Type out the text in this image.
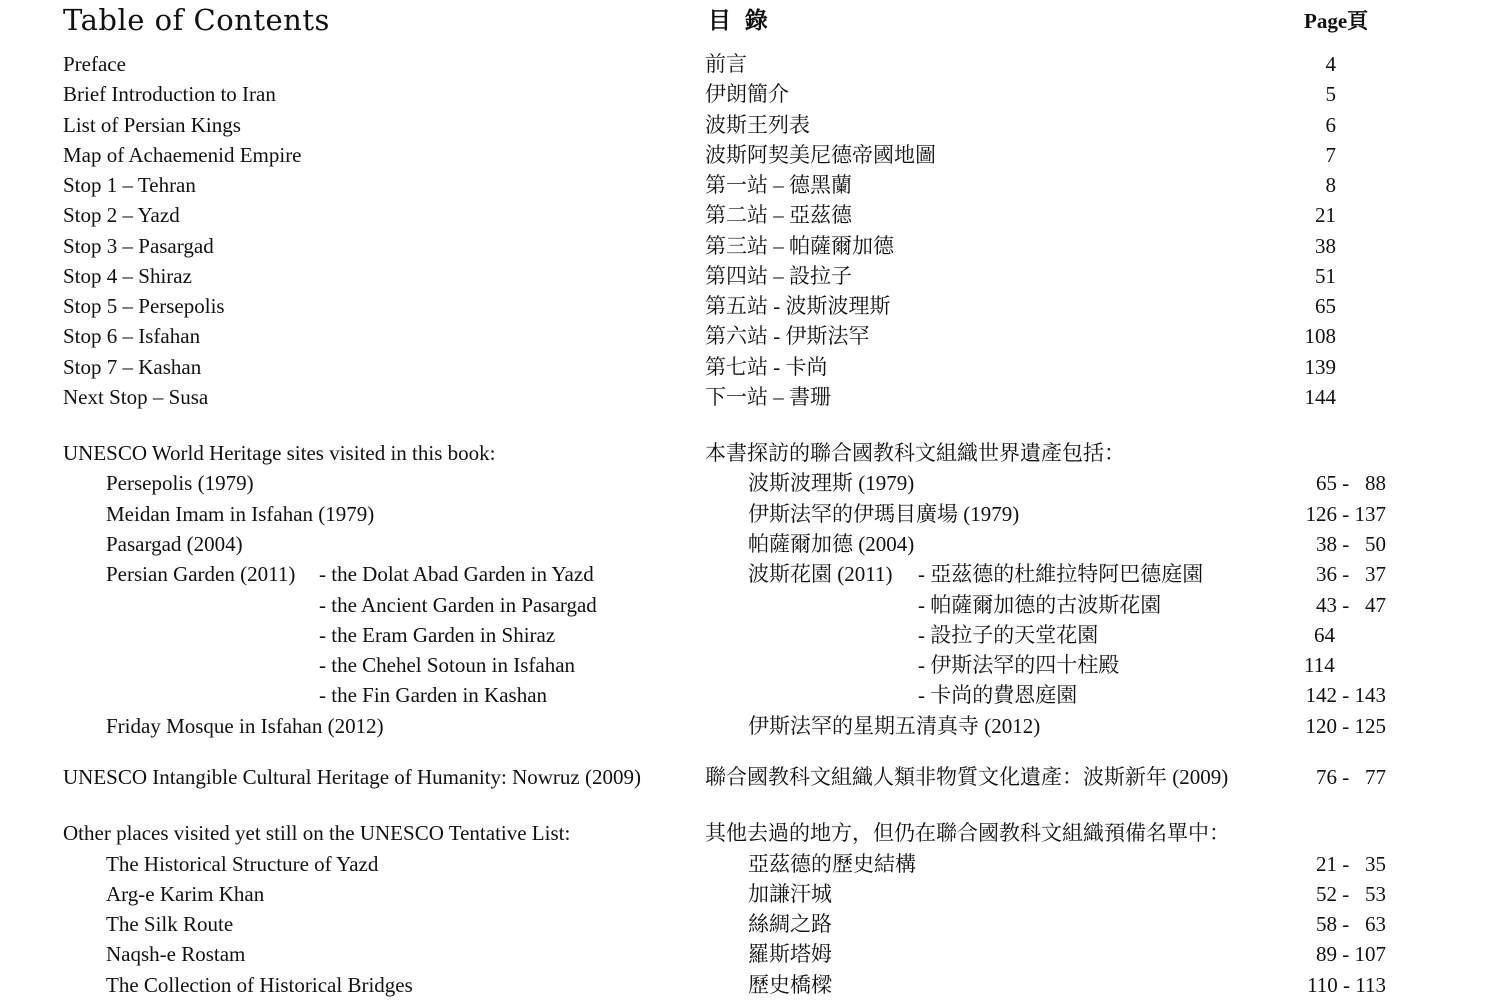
Table of Contents	目 錄	Page頁
Preface	前言	4
Brief Introduction to Iran	伊朗簡介	5
List of Persian Kings	波斯王列表	6
Map of Achaemenid Empire	波斯阿契美尼德帝國地圖	7
Stop 1 – Tehran	第一站 – 德黑蘭	8
Stop 2 – Yazd	第二站 – 亞茲德	21
Stop 3 – Pasargad	第三站 – 帕薩爾加德	38
Stop 4 – Shiraz	第四站 – 設拉子	51
Stop 5 – Persepolis	第五站 - 波斯波理斯	65
Stop 6 – Isfahan	第六站 - 伊斯法罕	108
Stop 7 – Kashan	第七站 - 卡尚	139
Next Stop – Susa	下一站 – 書珊	144
UNESCO World Heritage sites visited in this book:	本書探訪的聯合國教科文組織世界遺產包括：
Persepolis (1979)	波斯波理斯 (1979)	65 -   88
Meidan Imam in Isfahan (1979)	伊斯法罕的伊瑪目廣場 (1979)	126 - 137
Pasargad (2004)	帕薩爾加德 (2004)	38 -   50
Persian Garden (2011)	波斯花園 (2011)
- the Dolat Abad Garden in Yazd	- 亞茲德的杜維拉特阿巴德庭園	36 -   37
- the Ancient Garden in Pasargad	- 帕薩爾加德的古波斯花園	43 -   47
- the Eram Garden in Shiraz	- 設拉子的天堂花園	64
- the Chehel Sotoun in Isfahan	- 伊斯法罕的四十柱殿	114
- the Fin Garden in Kashan	- 卡尚的費恩庭園	142 - 143
Friday Mosque in Isfahan (2012)	伊斯法罕的星期五清真寺 (2012)	120 - 125
UNESCO Intangible Cultural Heritage of Humanity: Nowruz (2009)	聯合國教科文組織人類非物質文化遺產：波斯新年 (2009)	76 -   77
Other places visited yet still on the UNESCO Tentative List:	其他去過的地方，但仍在聯合國教科文組織預備名單中：
The Historical Structure of Yazd	亞茲德的歷史結構	21 -   35
Arg-e Karim Khan	加謙汗城	52 -   53
The Silk Route	絲綢之路	58 -   63
Naqsh-e Rostam	羅斯塔姆	89 - 107
The Collection of Historical Bridges	歷史橋樑	110 - 113
